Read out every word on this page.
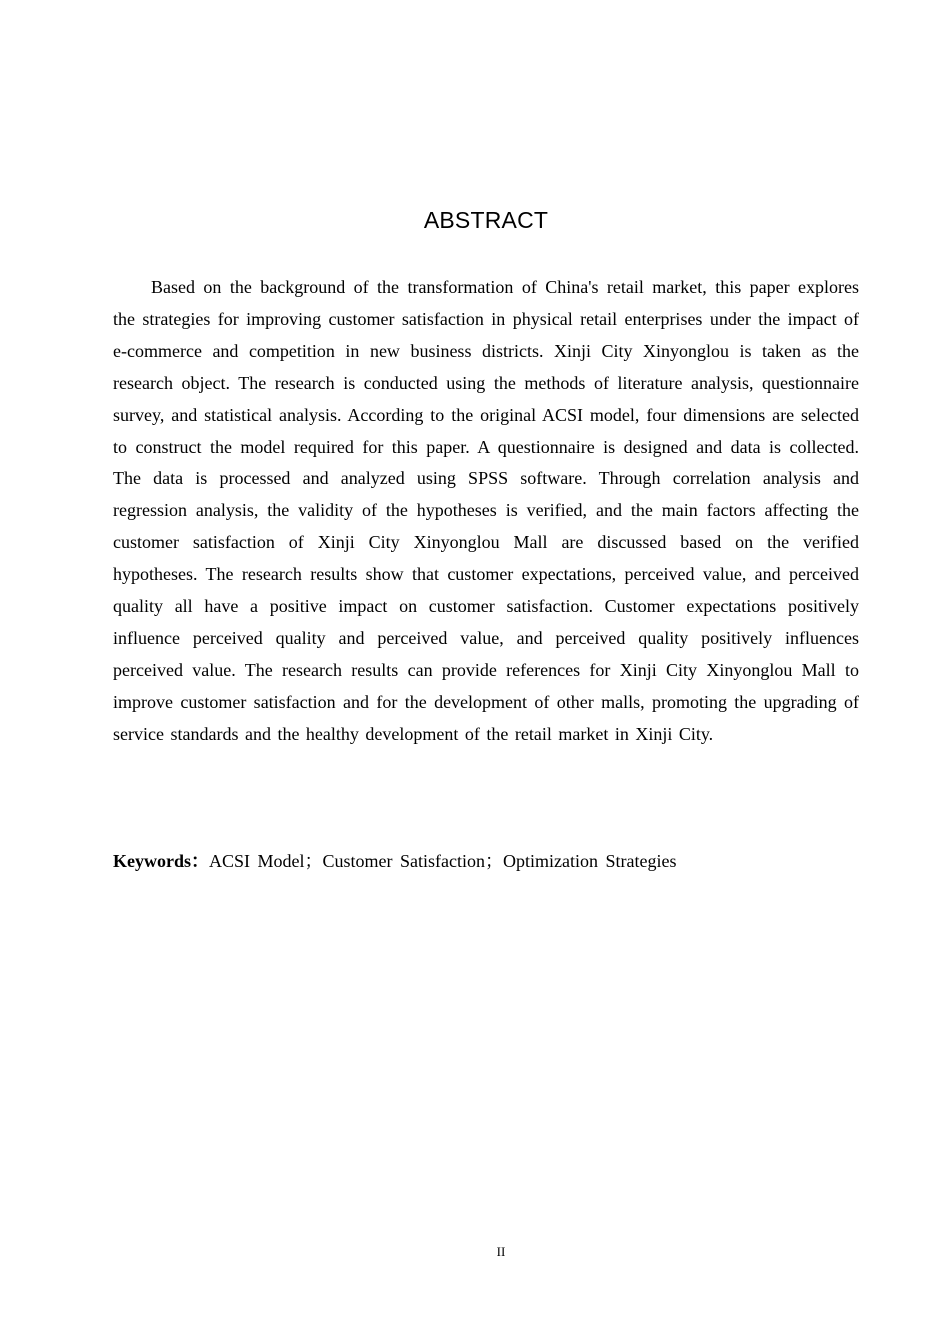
ABSTRACT

Based on the background of the transformation of China's retail market, this paper explores the strategies for improving customer satisfaction in physical retail enterprises under the impact of e-commerce and competition in new business districts. Xinji City Xinyonglou is taken as the research object. The research is conducted using the methods of literature analysis, questionnaire survey, and statistical analysis. According to the original ACSI model, four dimensions are selected to construct the model required for this paper. A questionnaire is designed and data is collected. The data is processed and analyzed using SPSS software. Through correlation analysis and regression analysis, the validity of the hypotheses is verified, and the main factors affecting the customer satisfaction of Xinji City Xinyonglou Mall are discussed based on the verified hypotheses. The research results show that customer expectations, perceived value, and perceived quality all have a positive impact on customer satisfaction. Customer expectations positively influence perceived quality and perceived value, and perceived quality positively influences perceived value. The research results can provide references for Xinji City Xinyonglou Mall to improve customer satisfaction and for the development of other malls, promoting the upgrading of service standards and the healthy development of the retail market in Xinji City.

Keywords：ACSI Model；Customer Satisfaction；Optimization Strategies

II
